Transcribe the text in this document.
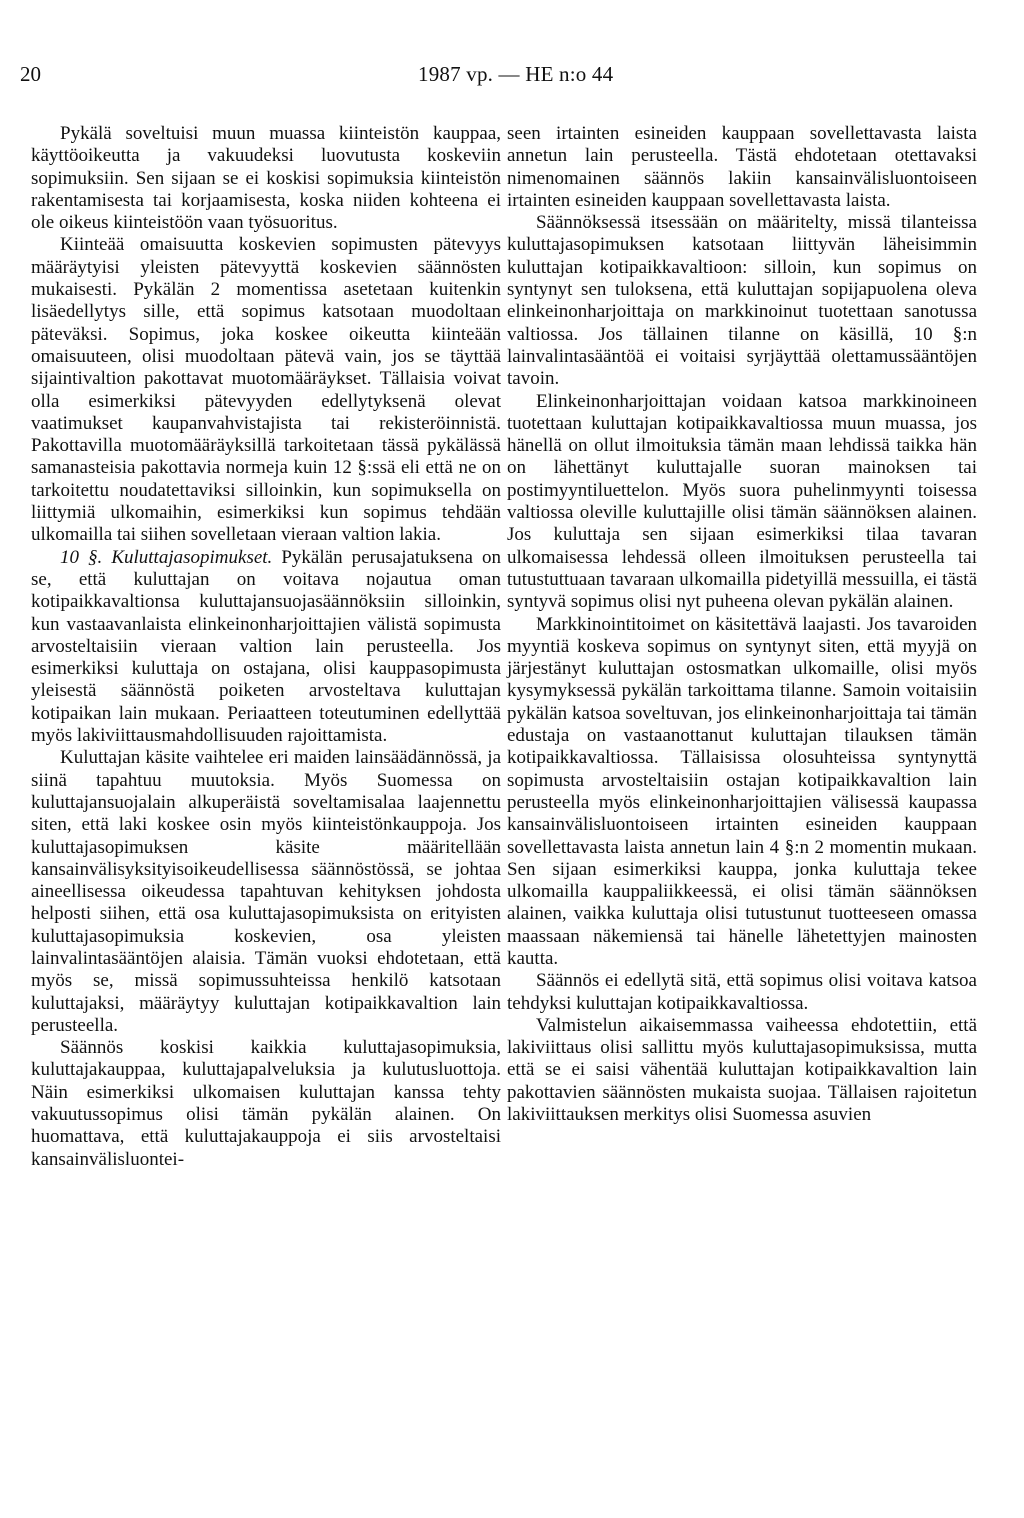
20	1987 vp. — HE n:o 44

Pykälä soveltuisi muun muassa kiinteistön kauppaa, käyttöoikeutta ja vakuudeksi luovutusta koskeviin sopimuksiin. Sen sijaan se ei koskisi sopimuksia kiinteistön rakentamisesta tai korjaamisesta, koska niiden kohteena ei ole oikeus kiinteistöön vaan työsuoritus.

Kiinteää omaisuutta koskevien sopimusten pätevyys määräytyisi yleisten pätevyyttä koskevien säännösten mukaisesti. Pykälän 2 momentissa asetetaan kuitenkin lisäedellytys sille, että sopimus katsotaan muodoltaan päteväksi. Sopimus, joka koskee oikeutta kiinteään omaisuuteen, olisi muodoltaan pätevä vain, jos se täyttää sijaintivaltion pakottavat muotomääräykset. Tällaisia voivat olla esimerkiksi pätevyyden edellytyksenä olevat vaatimukset kaupanvahvistajista tai rekisteröinnistä. Pakottavilla muotomääräyksillä tarkoitetaan tässä pykälässä samanasteisia pakottavia normeja kuin 12 §:ssä eli että ne on tarkoitettu noudatettaviksi silloinkin, kun sopimuksella on liittymiä ulkomaihin, esimerkiksi kun sopimus tehdään ulkomailla tai siihen sovelletaan vieraan valtion lakia.

10 §. Kuluttajasopimukset. Pykälän perusajatuksena on se, että kuluttajan on voitava nojautua oman kotipaikkavaltionsa kuluttajansuojasäännöksiin silloinkin, kun vastaavanlaista elinkeinonharjoittajien välistä sopimusta arvosteltaisiin vieraan valtion lain perusteella. Jos esimerkiksi kuluttaja on ostajana, olisi kauppasopimusta yleisestä säännöstä poiketen arvosteltava kuluttajan kotipaikan lain mukaan. Periaatteen toteutuminen edellyttää myös lakiviittausmahdollisuuden rajoittamista.

Kuluttajan käsite vaihtelee eri maiden lainsäädännössä, ja siinä tapahtuu muutoksia. Myös Suomessa on kuluttajansuojalain alkuperäistä soveltamisalaa laajennettu siten, että laki koskee osin myös kiinteistönkauppoja. Jos kuluttajasopimuksen käsite määritellään kansainvälisyksityisoikeudellisessa säännöstössä, se johtaa aineellisessa oikeudessa tapahtuvan kehityksen johdosta helposti siihen, että osa kuluttajasopimuksista on erityisten kuluttajasopimuksia koskevien, osa yleisten lainvalintasääntöjen alaisia. Tämän vuoksi ehdotetaan, että myös se, missä sopimussuhteissa henkilö katsotaan kuluttajaksi, määräytyy kuluttajan kotipaikkavaltion lain perusteella.

Säännös koskisi kaikkia kuluttajasopimuksia, kuluttajakauppaa, kuluttajapalveluksia ja kulutusluottoja. Näin esimerkiksi ulkomaisen kuluttajan kanssa tehty vakuutussopimus olisi tämän pykälän alainen. On huomattava, että kuluttajakauppoja ei siis arvosteltaisi kansainvälisluontei-

seen irtainten esineiden kauppaan sovellettavasta laista annetun lain perusteella. Tästä ehdotetaan otettavaksi nimenomainen säännös lakiin kansainvälisluontoiseen irtainten esineiden kauppaan sovellettavasta laista.

Säännöksessä itsessään on määritelty, missä tilanteissa kuluttajasopimuksen katsotaan liittyvän läheisimmin kuluttajan kotipaikkavaltioon: silloin, kun sopimus on syntynyt sen tuloksena, että kuluttajan sopijapuolena oleva elinkeinonharjoittaja on markkinoinut tuotettaan sanotussa valtiossa. Jos tällainen tilanne on käsillä, 10 §:n lainvalintasääntöä ei voitaisi syrjäyttää olettamussääntöjen tavoin.

Elinkeinonharjoittajan voidaan katsoa markkinoineen tuotettaan kuluttajan kotipaikkavaltiossa muun muassa, jos hänellä on ollut ilmoituksia tämän maan lehdissä taikka hän on lähettänyt kuluttajalle suoran mainoksen tai postimyyntiluettelon. Myös suora puhelinmyynti toisessa valtiossa oleville kuluttajille olisi tämän säännöksen alainen. Jos kuluttaja sen sijaan esimerkiksi tilaa tavaran ulkomaisessa lehdessä olleen ilmoituksen perusteella tai tutustuttuaan tavaraan ulkomailla pidetyillä messuilla, ei tästä syntyvä sopimus olisi nyt puheena olevan pykälän alainen.

Markkinointitoimet on käsitettävä laajasti. Jos tavaroiden myyntiä koskeva sopimus on syntynyt siten, että myyjä on järjestänyt kuluttajan ostosmatkan ulkomaille, olisi myös kysymyksessä pykälän tarkoittama tilanne. Samoin voitaisiin pykälän katsoa soveltuvan, jos elinkeinonharjoittaja tai tämän edustaja on vastaanottanut kuluttajan tilauksen tämän kotipaikkavaltiossa. Tällaisissa olosuhteissa syntynyttä sopimusta arvosteltaisiin ostajan kotipaikkavaltion lain perusteella myös elinkeinonharjoittajien välisessä kaupassa kansainvälisluontoiseen irtainten esineiden kauppaan sovellettavasta laista annetun lain 4 §:n 2 momentin mukaan. Sen sijaan esimerkiksi kauppa, jonka kuluttaja tekee ulkomailla kauppaliikkeessä, ei olisi tämän säännöksen alainen, vaikka kuluttaja olisi tutustunut tuotteeseen omassa maassaan näkemiensä tai hänelle lähetettyjen mainosten kautta.

Säännös ei edellytä sitä, että sopimus olisi voitava katsoa tehdyksi kuluttajan kotipaikkavaltiossa.

Valmistelun aikaisemmassa vaiheessa ehdotettiin, että lakiviittaus olisi sallittu myös kuluttajasopimuksissa, mutta että se ei saisi vähentää kuluttajan kotipaikkavaltion lain pakottavien säännösten mukaista suojaa. Tällaisen rajoitetun lakiviittauksen merkitys olisi Suomessa asuvien
